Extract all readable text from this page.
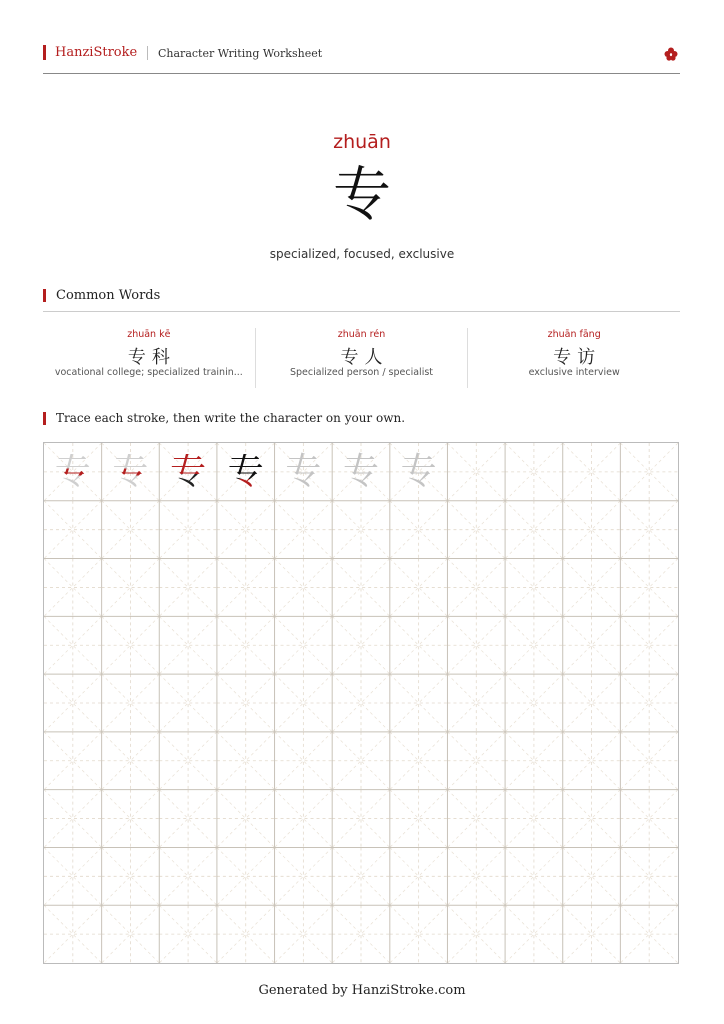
HanziStroke Character Writing Worksheet
zhuān
专
specialized, focused, exclusive
Common Words
zhuān kē
专科
vocational college; specialized trainin...
zhuān rén
专人
Specialized person / specialist
zhuān fāng
专访
exclusive interview
Trace each stroke, then write the character on your own.
专 专 专 专 专 专 专
Generated by HanziStroke.com
